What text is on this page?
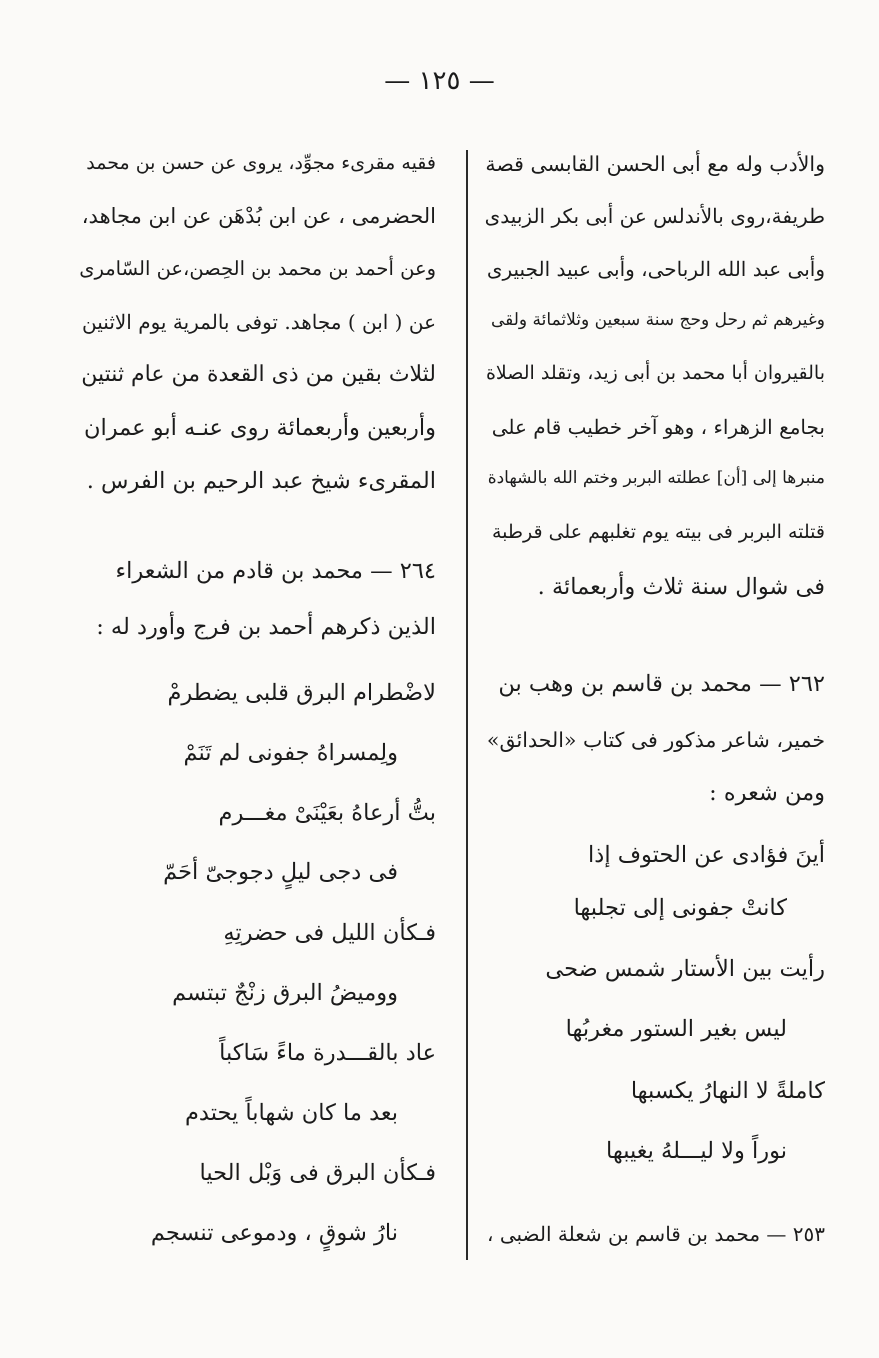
— ١٢٥ —
والأدب وله مع أبى الحسن القابسى قصة
طريفة،روى بالأندلس عن أبى بكر الزبيدى
وأبى عبد الله الرباحى، وأبى عبيد الجبيرى
وغيرهم ثم رحل وحج سنة سبعين وثلاثمائة ولقى
بالقيروان أبا محمد بن أبى زيد، وتقلد الصلاة
بجامع الزهراء ، وهو آخر خطيب قام على
منبرها إلى [أن] عطلته البربر وختم الله بالشهادة
قتلته البربر فى بيته يوم تغلبهم على قرطبة
فى شوال سنة ثلاث وأربعمائة .
٢٦٢ — محمد بن قاسم بن وهب بن
خمير، شاعر مذكور فى كتاب «الحدائق»
ومن شعره :
أينَ فؤادى عن الحتوف إذا
كانتْ جفونى إلى تجلبها
رأيت بين الأستار شمس ضحى
ليس بغير الستور مغربُها
كاملةً لا النهارُ يكسبها
نوراً ولا ليـــلهُ يغيبها
٢٥٣ — محمد بن قاسم بن شعلة الضبى ،
فقيه مقرىء مجوِّد، يروى عن حسن بن محمد
الحضرمى ، عن ابن بُدْهَن عن ابن مجاهد،
وعن أحمد بن محمد بن الحِصن،عن السّامرى
عن ( ابن ) مجاهد. توفى بالمرية يوم الاثنين
لثلاث بقين من ذى القعدة من عام ثنتين
وأربعين وأربعمائة روى عنـه أبو عمران
المقرىء شيخ عبد الرحيم بن الفرس .
٢٦٤ — محمد بن قادم من الشعراء
الذين ذكرهم أحمد بن فرج وأورد له :
لاضْطرام البرق قلبى يضطرمْ
ولِمسراهُ جفونى لم تَنَمْ
بتُّ أرعاهُ بعَيْنَىْ مغـــرم
فى دجى ليلٍ دجوجىّ أحَمّ
فـكأن الليل فى حضرتِهِ
ووميضُ البرق زنْجٌ تبتسم
عاد بالقـــدرة ماءً سَاكباً
بعد ما كان شهاباً يحتدم
فـكأن البرق فى وَبْل الحيا
نارُ شوقٍ ، ودموعى تنسجم
